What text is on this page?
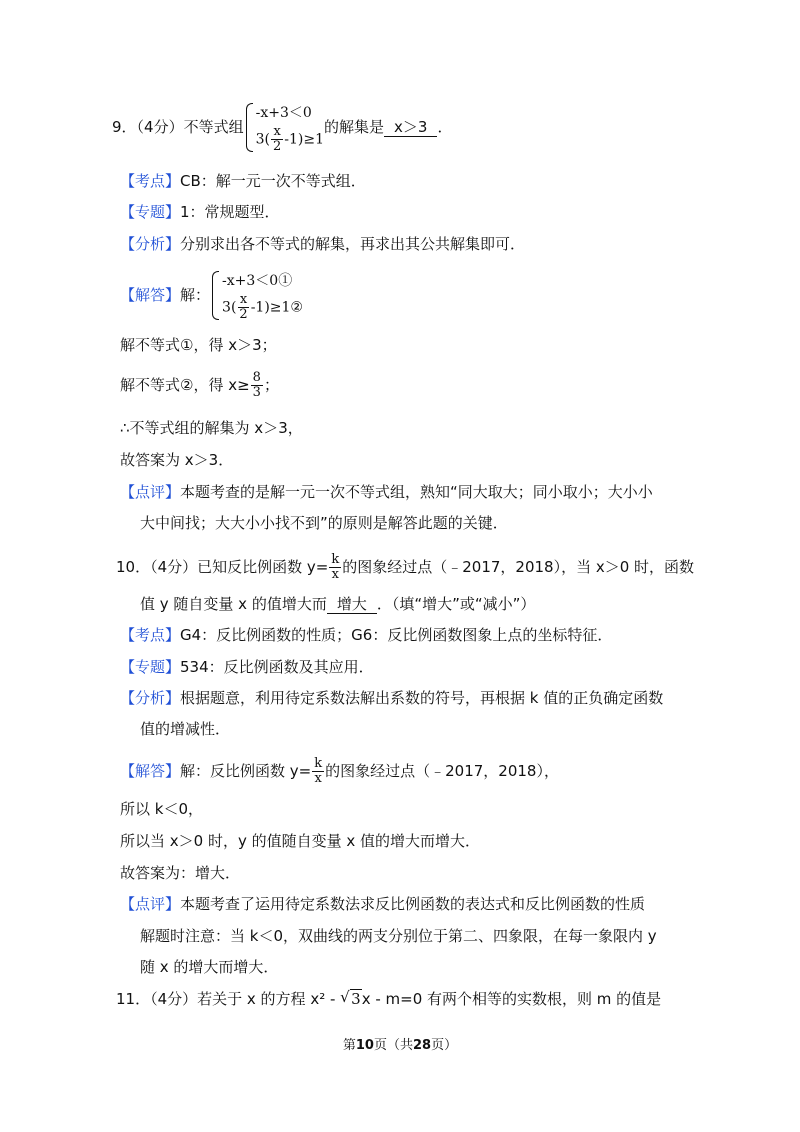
9．（4分）不等式组
-x+3＜0
$3( \frac{x}{2} -1)\ge 1$
的解集是 x＞3 ．
【考点】CB：解一元一次不等式组．
【专题】1：常规题型．
【分析】分别求出各不等式的解集，再求出其公共解集即可．
【解答】解：
-x+3＜0①
$3( \frac{x}{2}$ -1)≥1②
解不等式①，得 x＞3；
解不等式②，得 $x\ge \frac{8}{3}$ ；
∴不等式组的解集为 x＞3，
故答案为 x＞3．
【点评】本题考查的是解一元一次不等式组，熟知“同大取大；同小取小；大小小
大中间找；大大小小找不到”的原则是解答此题的关键．
10．（4分）已知反比例函数 $y= \frac{k}{x}$ 的图象经过点（﹣2017，2018），当 x＞0 时，函数
值 y 随自变量 x 的值增大而 增大 ．（填“增大”或“减小”）
【考点】G4：反比例函数的性质；G6：反比例函数图象上点的坐标特征．
【专题】534：反比例函数及其应用．
【分析】根据题意，利用待定系数法解出系数的符号，再根据 k 值的正负确定函数
值的增减性．
【解答】解：反比例函数 $y= \frac{k}{x}$ 的图象经过点（﹣2017，2018），
所以 k＜0，
所以当 x＞0 时，y 的值随自变量 x 值的增大而增大．
故答案为：增大．
【点评】本题考查了运用待定系数法求反比例函数的表达式和反比例函数的性质
解题时注意：当 k＜0，双曲线的两支分别位于第二、四象限，在每一象限内 y
随 x 的增大而增大．
11．（4分）若关于 x 的方程 x² - √ 3x - m=0 有两个相等的实数根，则 m 的值是
第10页（共28页）
